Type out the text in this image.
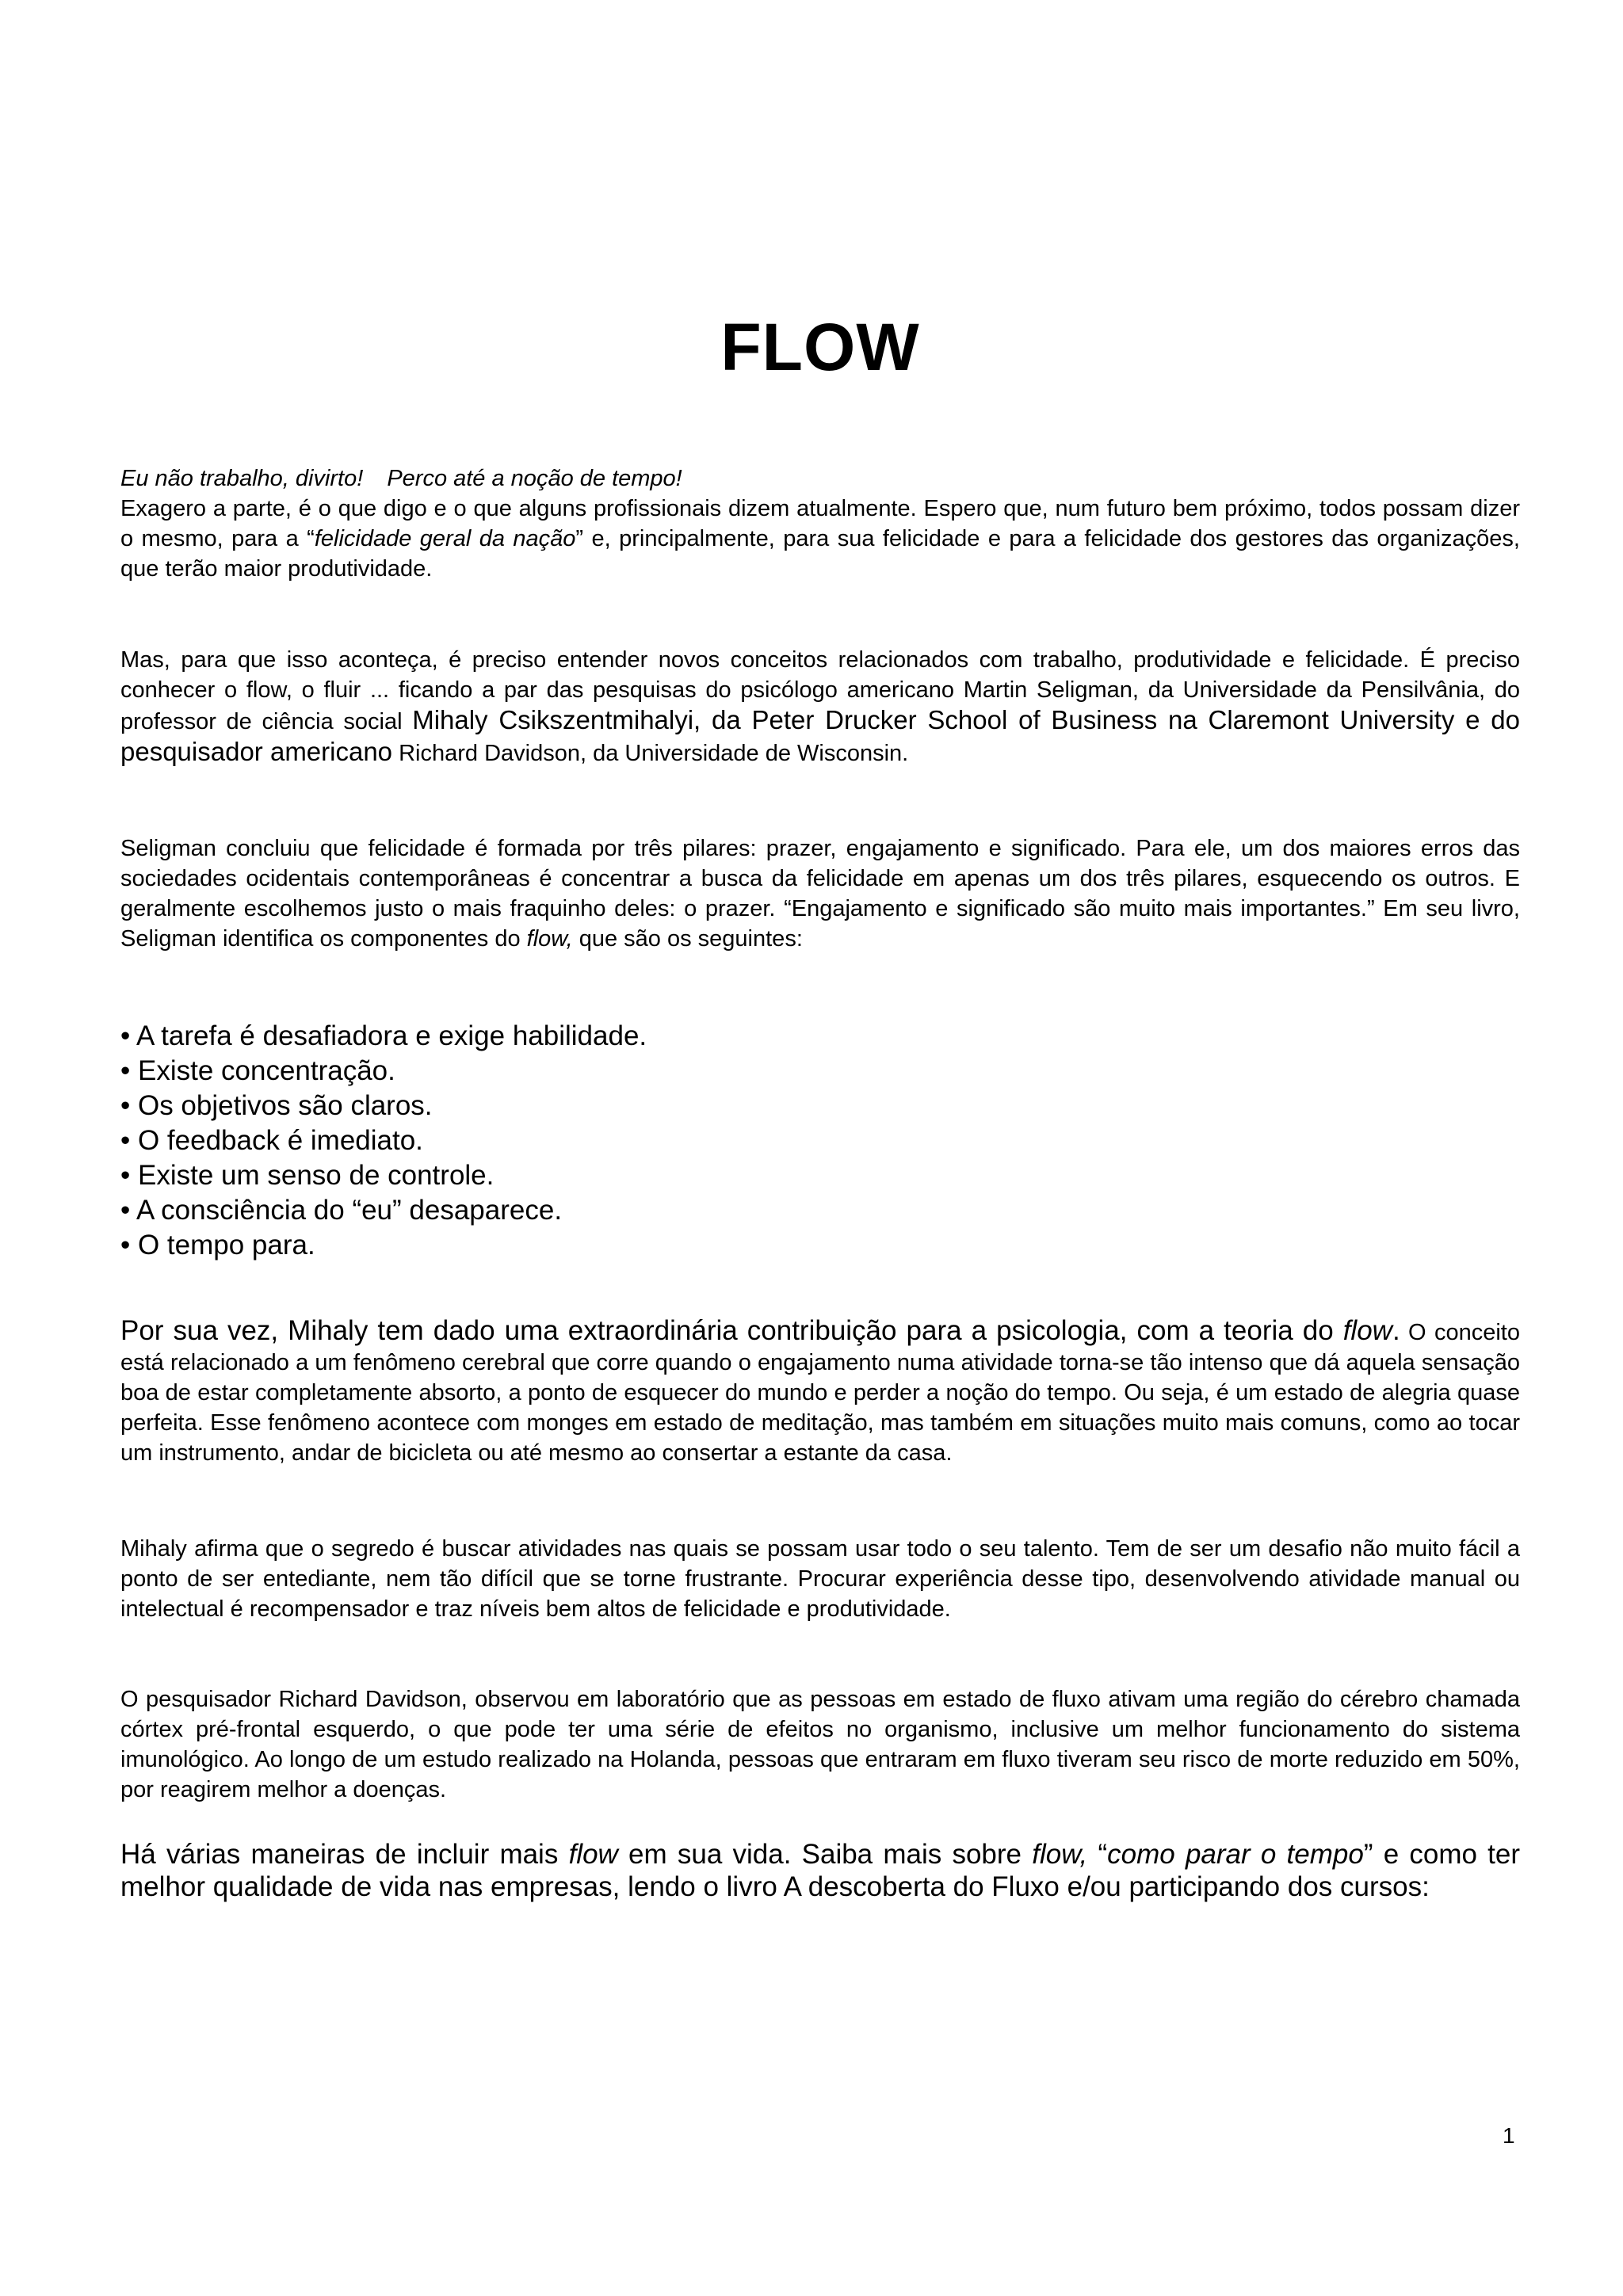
FLOW

Eu não trabalho, divirto! Perco até a noção de tempo!

Exagero a parte, é o que digo e o que alguns profissionais dizem atualmente. Espero que, num futuro bem próximo, todos possam dizer o mesmo, para a “felicidade geral da nação” e, principalmente, para sua felicidade e para a felicidade dos gestores das organizações, que terão maior produtividade.

Mas, para que isso aconteça, é preciso entender novos conceitos relacionados com trabalho, produtividade e felicidade. É preciso conhecer o flow, o fluir ... ficando a par das pesquisas do psicólogo americano Martin Seligman, da Universidade da Pensilvânia, do professor de ciência social Mihaly Csikszentmihalyi, da Peter Drucker School of Business na Claremont University e do pesquisador americano Richard Davidson, da Universidade de Wisconsin.

Seligman concluiu que felicidade é formada por três pilares: prazer, engajamento e significado. Para ele, um dos maiores erros das sociedades ocidentais contemporâneas é concentrar a busca da felicidade em apenas um dos três pilares, esquecendo os outros. E geralmente escolhemos justo o mais fraquinho deles: o prazer. “Engajamento e significado são muito mais importantes.” Em seu livro, Seligman identifica os componentes do flow, que são os seguintes:

• A tarefa é desafiadora e exige habilidade.
• Existe concentração.
• Os objetivos são claros.
• O feedback é imediato.
• Existe um senso de controle.
• A consciência do “eu” desaparece.
• O tempo para.

Por sua vez, Mihaly tem dado uma extraordinária contribuição para a psicologia, com a teoria do flow. O conceito está relacionado a um fenômeno cerebral que corre quando o engajamento numa atividade torna-se tão intenso que dá aquela sensação boa de estar completamente absorto, a ponto de esquecer do mundo e perder a noção do tempo. Ou seja, é um estado de alegria quase perfeita. Esse fenômeno acontece com monges em estado de meditação, mas também em situações muito mais comuns, como ao tocar um instrumento, andar de bicicleta ou até mesmo ao consertar a estante da casa.

Mihaly afirma que o segredo é buscar atividades nas quais se possam usar todo o seu talento. Tem de ser um desafio não muito fácil a ponto de ser entediante, nem tão difícil que se torne frustrante. Procurar experiência desse tipo, desenvolvendo atividade manual ou intelectual é recompensador e traz níveis bem altos de felicidade e produtividade.

O pesquisador Richard Davidson, observou em laboratório que as pessoas em estado de fluxo ativam uma região do cérebro chamada córtex pré-frontal esquerdo, o que pode ter uma série de efeitos no organismo, inclusive um melhor funcionamento do sistema imunológico. Ao longo de um estudo realizado na Holanda, pessoas que entraram em fluxo tiveram seu risco de morte reduzido em 50%, por reagirem melhor a doenças.

Há várias maneiras de incluir mais flow em sua vida. Saiba mais sobre flow, “como parar o tempo” e como ter melhor qualidade de vida nas empresas, lendo o livro A descoberta do Fluxo e/ou participando dos cursos:
1
